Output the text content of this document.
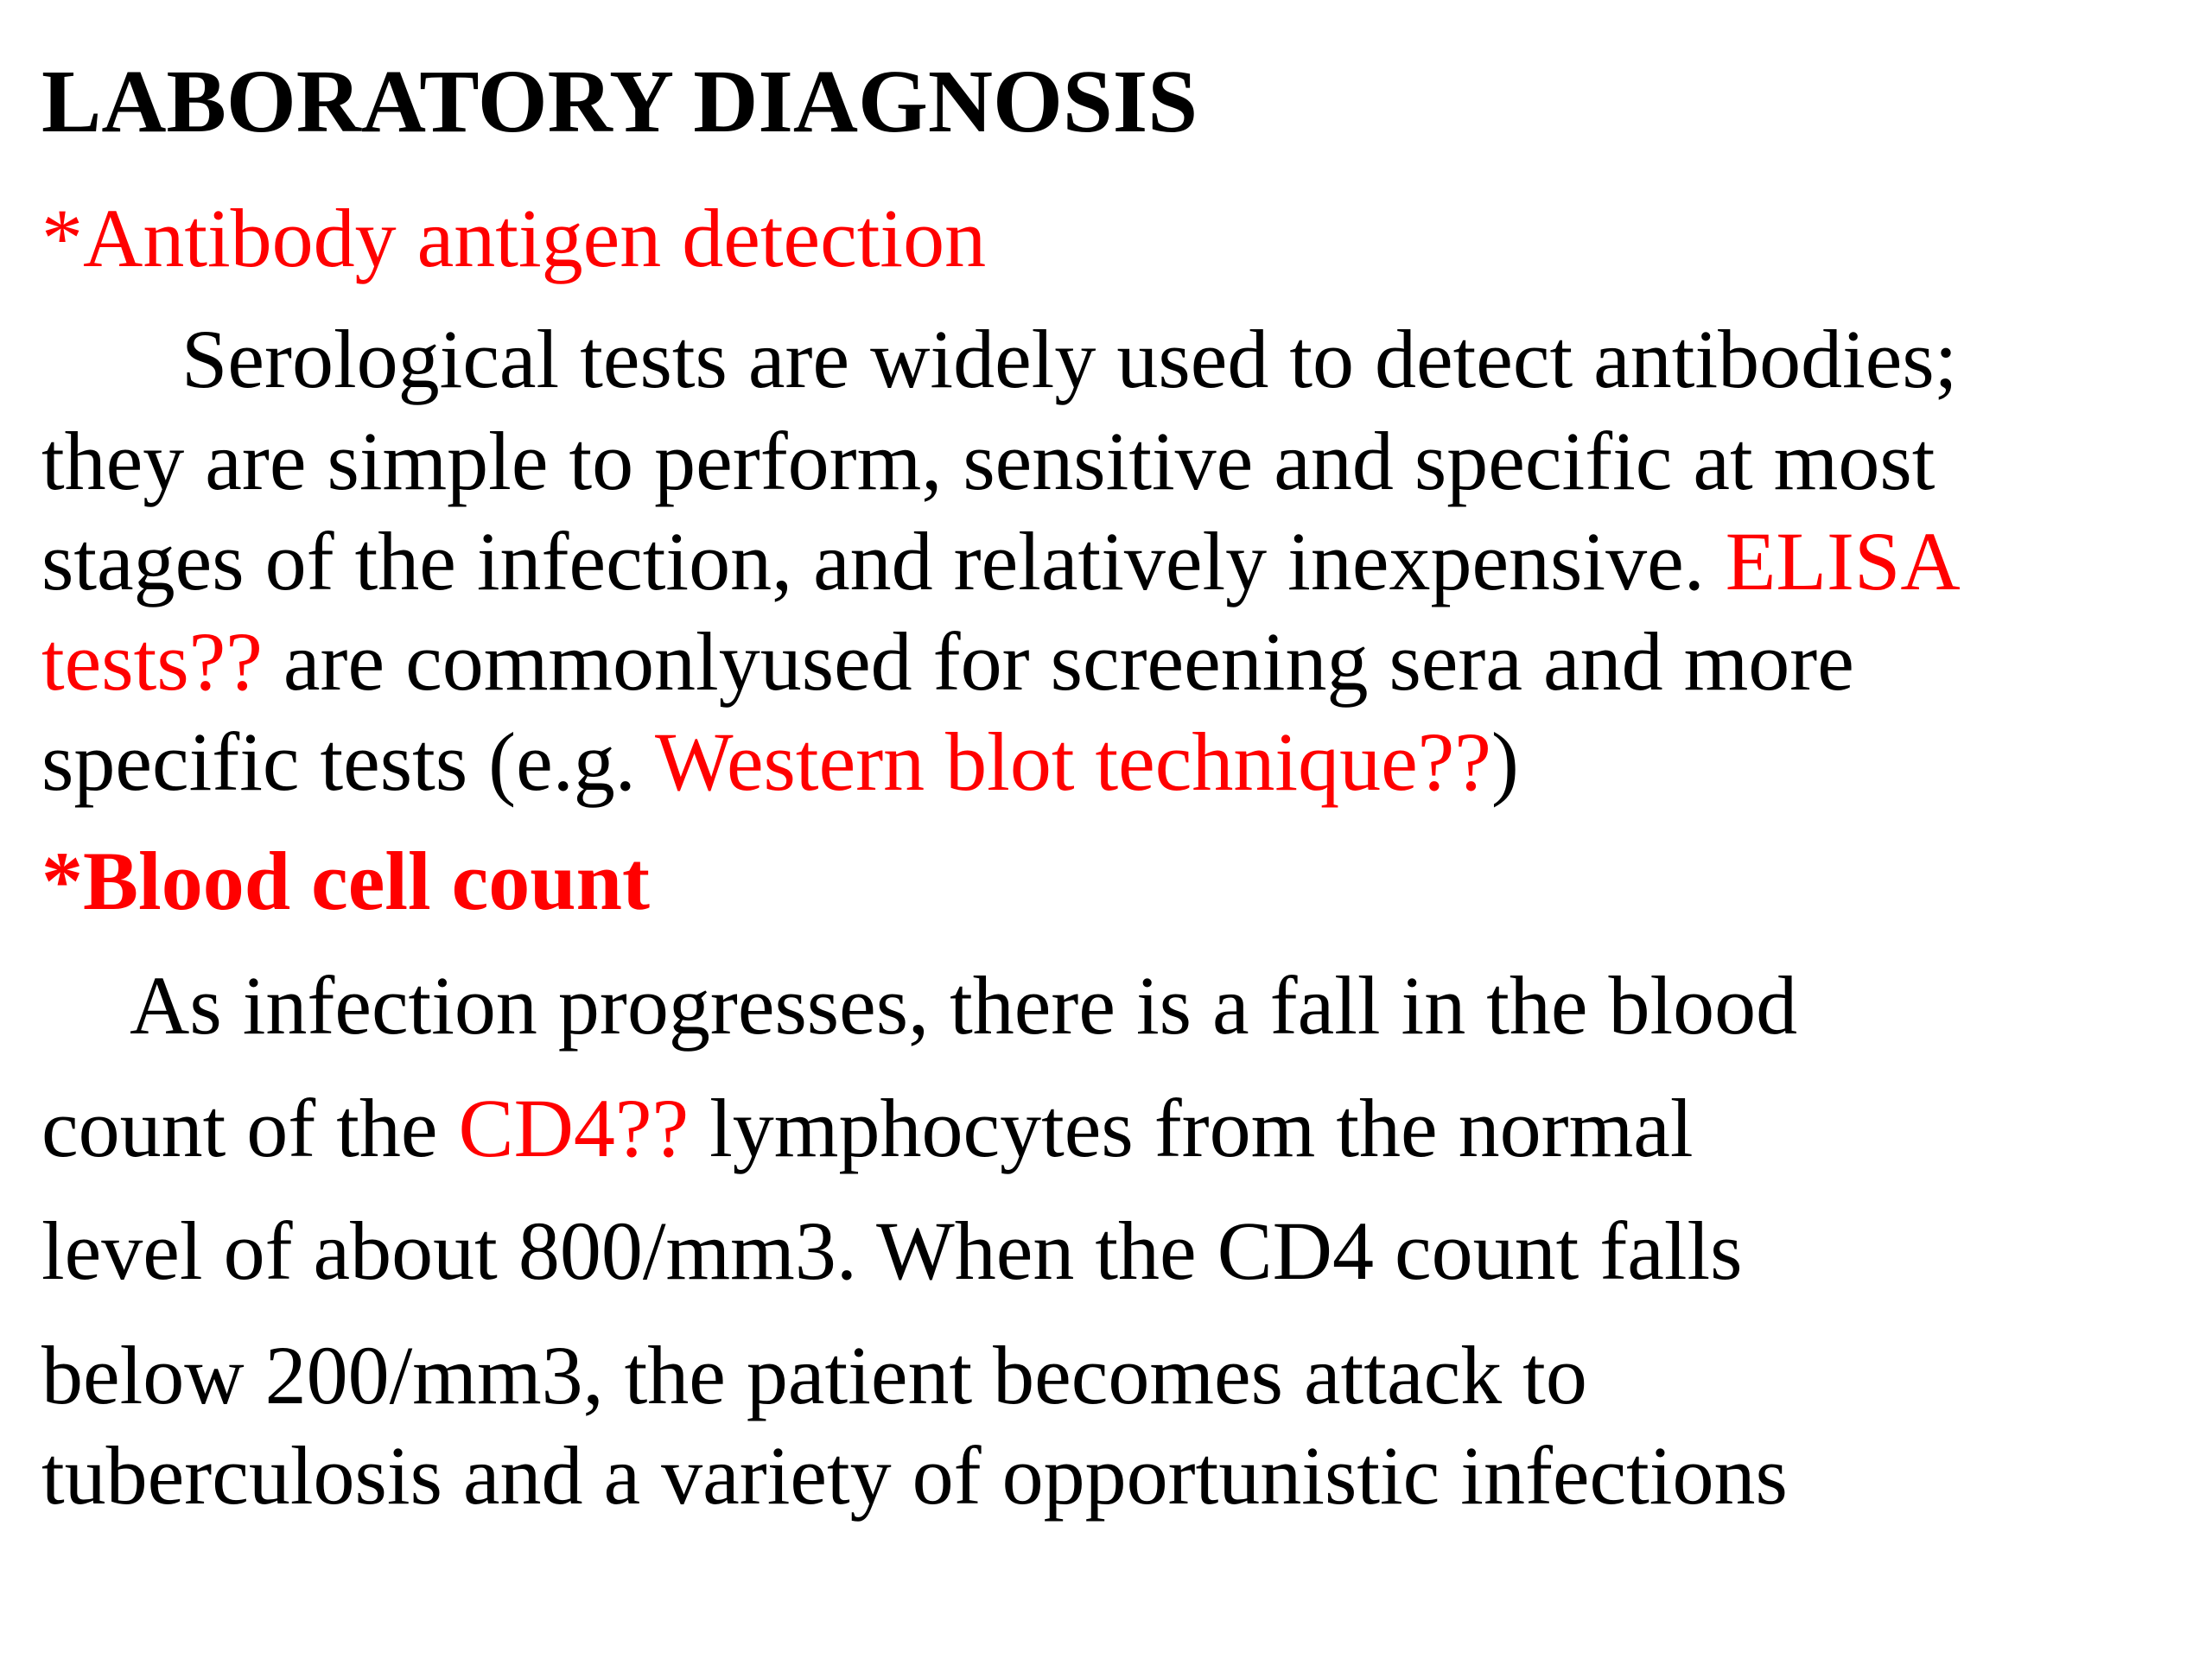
LABORATORY DIAGNOSIS
*Antibody antigen detection
Serological tests are widely used to detect antibodies;
they are simple to perform, sensitive and specific at most
stages of the infection, and relatively inexpensive. ELISA
tests?? are commonlyused for screening sera and more
specific tests (e.g. Western blot technique??)
*Blood cell count
As infection progresses, there is a fall in the blood
count of the CD4?? lymphocytes from the normal
level of about 800/mm3. When the CD4 count falls
below 200/mm3, the patient becomes attack to
tuberculosis and a variety of opportunistic infections
